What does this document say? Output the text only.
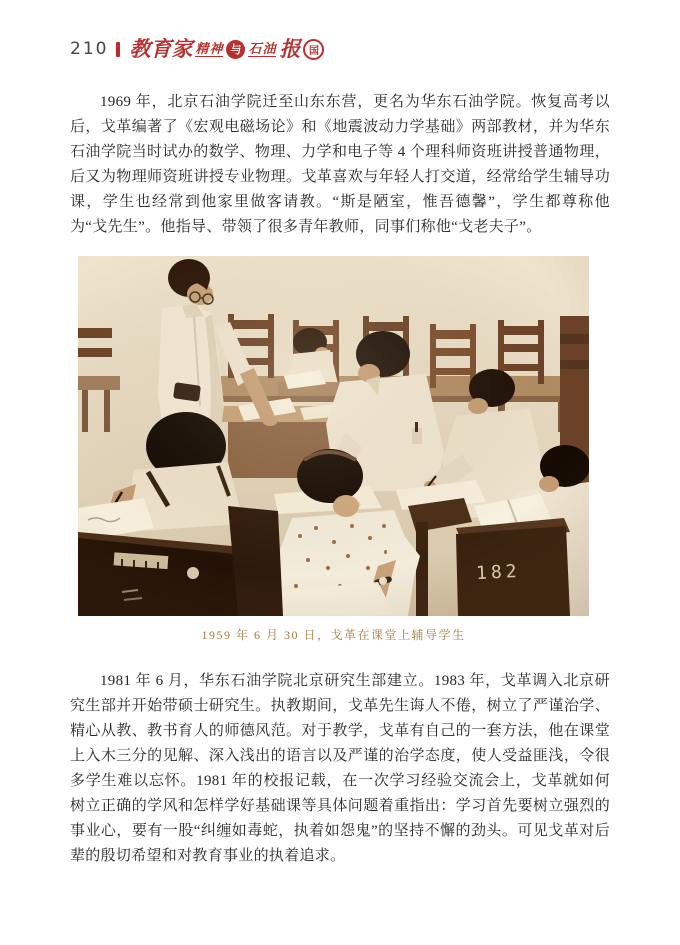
210 教育家 精神 与 石油 报 国

1969 年，北京石油学院迁至山东东营，更名为华东石油学院。恢复高考以后，戈革编著了《宏观电磁场论》和《地震波动力学基础》两部教材，并为华东石油学院当时试办的数学、物理、力学和电子等 4 个理科师资班讲授普通物理，后又为物理师资班讲授专业物理。戈革喜欢与年轻人打交道，经常给学生辅导功课，学生也经常到他家里做客请教。“斯是陋室，惟吾德馨”，学生都尊称他为“戈先生”。他指导、带领了很多青年教师，同事们称他“戈老夫子”。

1959 年 6 月 30 日，戈革在课堂上辅导学生

1981 年 6 月，华东石油学院北京研究生部建立。1983 年，戈革调入北京研究生部并开始带硕士研究生。执教期间，戈革先生诲人不倦，树立了严谨治学、精心从教、教书育人的师德风范。对于教学，戈革有自己的一套方法，他在课堂上入木三分的见解、深入浅出的语言以及严谨的治学态度，使人受益匪浅，令很多学生难以忘怀。1981 年的校报记载，在一次学习经验交流会上，戈革就如何树立正确的学风和怎样学好基础课等具体问题着重指出：学习首先要树立强烈的事业心，要有一股“纠缠如毒蛇，执着如怨鬼”的坚持不懈的劲头。可见戈革对后辈的殷切希望和对教育事业的执着追求。
